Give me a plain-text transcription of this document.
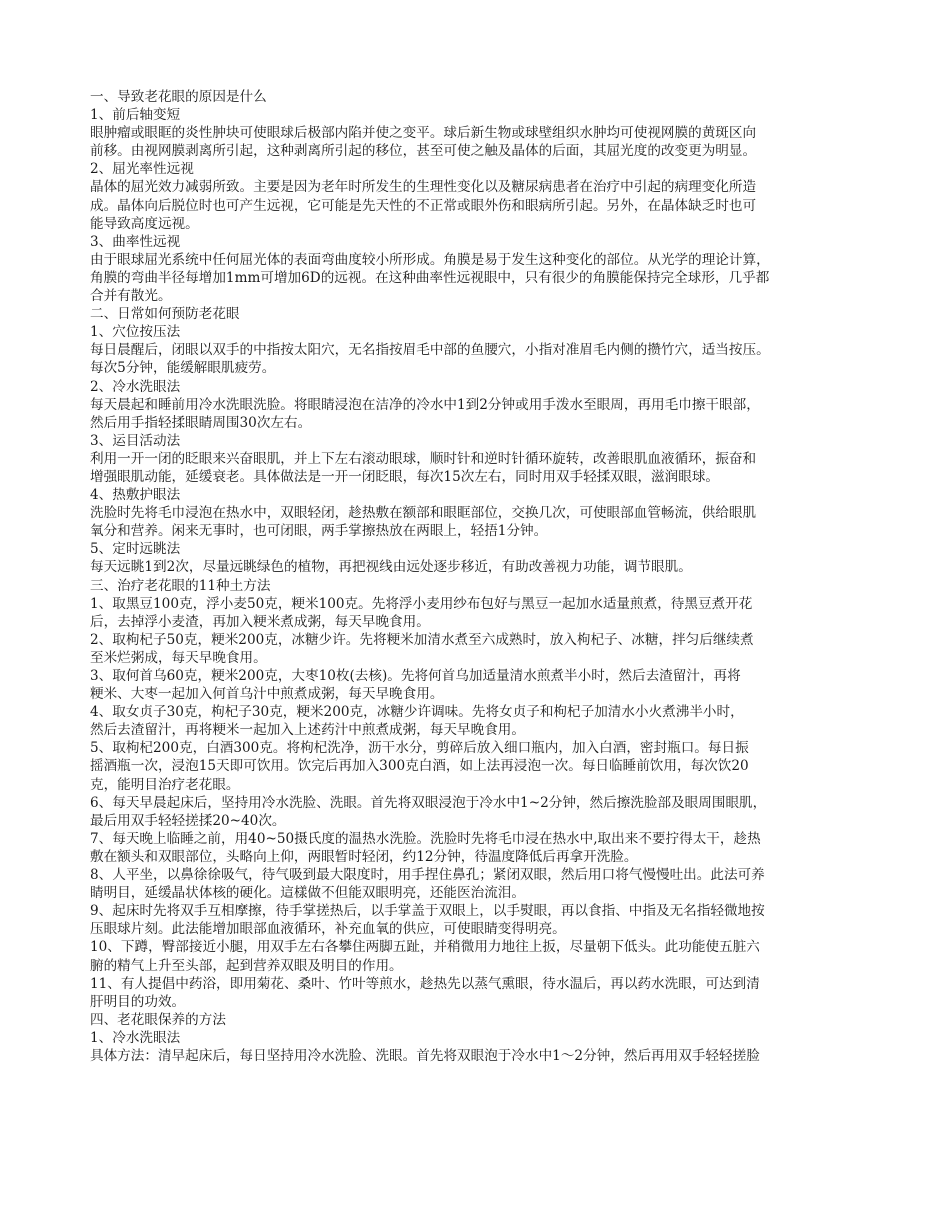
一、导致老花眼的原因是什么
1、前后轴变短
眼肿瘤或眼眶的炎性肿块可使眼球后极部内陷并使之变平。球后新生物或球壁组织水肿均可使视网膜的黄斑区向
前移。由视网膜剥离所引起，这种剥离所引起的移位，甚至可使之触及晶体的后面，其屈光度的改变更为明显。
2、屈光率性远视
晶体的屈光效力减弱所致。主要是因为老年时所发生的生理性变化以及糖尿病患者在治疗中引起的病理变化所造
成。晶体向后脱位时也可产生远视，它可能是先天性的不正常或眼外伤和眼病所引起。另外，在晶体缺乏时也可
能导致高度远视。
3、曲率性远视
由于眼球屈光系统中任何屈光体的表面弯曲度较小所形成。角膜是易于发生这种变化的部位。从光学的理论计算，
角膜的弯曲半径每增加1mm可增加6D的远视。在这种曲率性远视眼中，只有很少的角膜能保持完全球形，几乎都
合并有散光。
二、日常如何预防老花眼
1、穴位按压法
每日晨醒后，闭眼以双手的中指按太阳穴，无名指按眉毛中部的鱼腰穴，小指对准眉毛内侧的攒竹穴，适当按压。
每次5分钟，能缓解眼肌疲劳。
2、冷水洗眼法
每天晨起和睡前用冷水洗眼洗脸。将眼睛浸泡在洁净的冷水中1到2分钟或用手泼水至眼周，再用毛巾擦干眼部，
然后用手指轻揉眼睛周围30次左右。
3、运目活动法
利用一开一闭的眨眼来兴奋眼肌，并上下左右滚动眼球，顺时针和逆时针循环旋转，改善眼肌血液循环，振奋和
增强眼肌动能，延缓衰老。具体做法是一开一闭眨眼，每次15次左右，同时用双手轻揉双眼，滋润眼球。
4、热敷护眼法
洗脸时先将毛巾浸泡在热水中，双眼轻闭，趁热敷在额部和眼眶部位，交换几次，可使眼部血管畅流，供给眼肌
氧分和营养。闲来无事时，也可闭眼，两手掌擦热放在两眼上，轻捂1分钟。
5、定时远眺法
每天远眺1到2次，尽量远眺绿色的植物，再把视线由远处逐步移近，有助改善视力功能，调节眼肌。
三、治疗老花眼的11种土方法
1、取黑豆100克，浮小麦50克，粳米100克。先将浮小麦用纱布包好与黑豆一起加水适量煎煮，待黑豆煮开花
后，去掉浮小麦渣，再加入粳米煮成粥，每天早晚食用。
2、取枸杞子50克，粳米200克，冰糖少许。先将粳米加清水煮至六成熟时，放入枸杞子、冰糖，拌匀后继续煮
至米烂粥成，每天早晚食用。
3、取何首乌60克，粳米200克，大枣10枚(去核)。先将何首乌加适量清水煎煮半小时，然后去渣留汁，再将
粳米、大枣一起加入何首乌汁中煎煮成粥，每天早晚食用。
4、取女贞子30克，枸杞子30克，粳米200克，冰糖少许调味。先将女贞子和枸杞子加清水小火煮沸半小时，
然后去渣留汁，再将粳米一起加入上述药汁中煎煮成粥，每天早晚食用。
5、取枸杞200克，白酒300克。将枸杞洗净，沥干水分，剪碎后放入细口瓶内，加入白酒，密封瓶口。每日振
摇酒瓶一次，浸泡15天即可饮用。饮完后再加入300克白酒，如上法再浸泡一次。每日临睡前饮用，每次饮20
克，能明目治疗老花眼。
6、每天早晨起床后，坚持用冷水洗脸、洗眼。首先将双眼浸泡于冷水中1~2分钟，然后擦洗脸部及眼周围眼肌，
最后用双手轻轻搓揉20~40次。
7、每天晚上临睡之前，用40~50摄氏度的温热水洗脸。洗脸时先将毛巾浸在热水中,取出来不要拧得太干，趁热
敷在额头和双眼部位，头略向上仰，两眼暂时轻闭，约12分钟，待温度降低后再拿开洗脸。
8、人平坐，以鼻徐徐吸气，待气吸到最大限度时，用手捏住鼻孔；紧闭双眼，然后用口将气慢慢吐出。此法可养
睛明目，延缓晶状体核的硬化。這樣做不但能双眼明亮，还能医治流泪。
9、起床时先将双手互相摩擦，待手掌搓热后，以手掌盖于双眼上，以手熨眼，再以食指、中指及无名指轻微地按
压眼球片刻。此法能增加眼部血液循环，补充血氧的供应，可使眼睛变得明亮。
10、下蹲，臀部接近小腿，用双手左右各攀住两脚五趾，并稍微用力地往上扳，尽量朝下低头。此功能使五脏六
腑的精气上升至头部，起到营养双眼及明目的作用。
11、有人提倡中药浴，即用菊花、桑叶、竹叶等煎水，趁热先以蒸气熏眼，待水温后，再以药水洗眼，可达到清
肝明目的功效。
四、老花眼保养的方法
1、冷水洗眼法
具体方法：清早起床后，每日坚持用冷水洗脸、洗眼。首先将双眼泡于冷水中1～2分钟，然后再用双手轻轻搓脸
